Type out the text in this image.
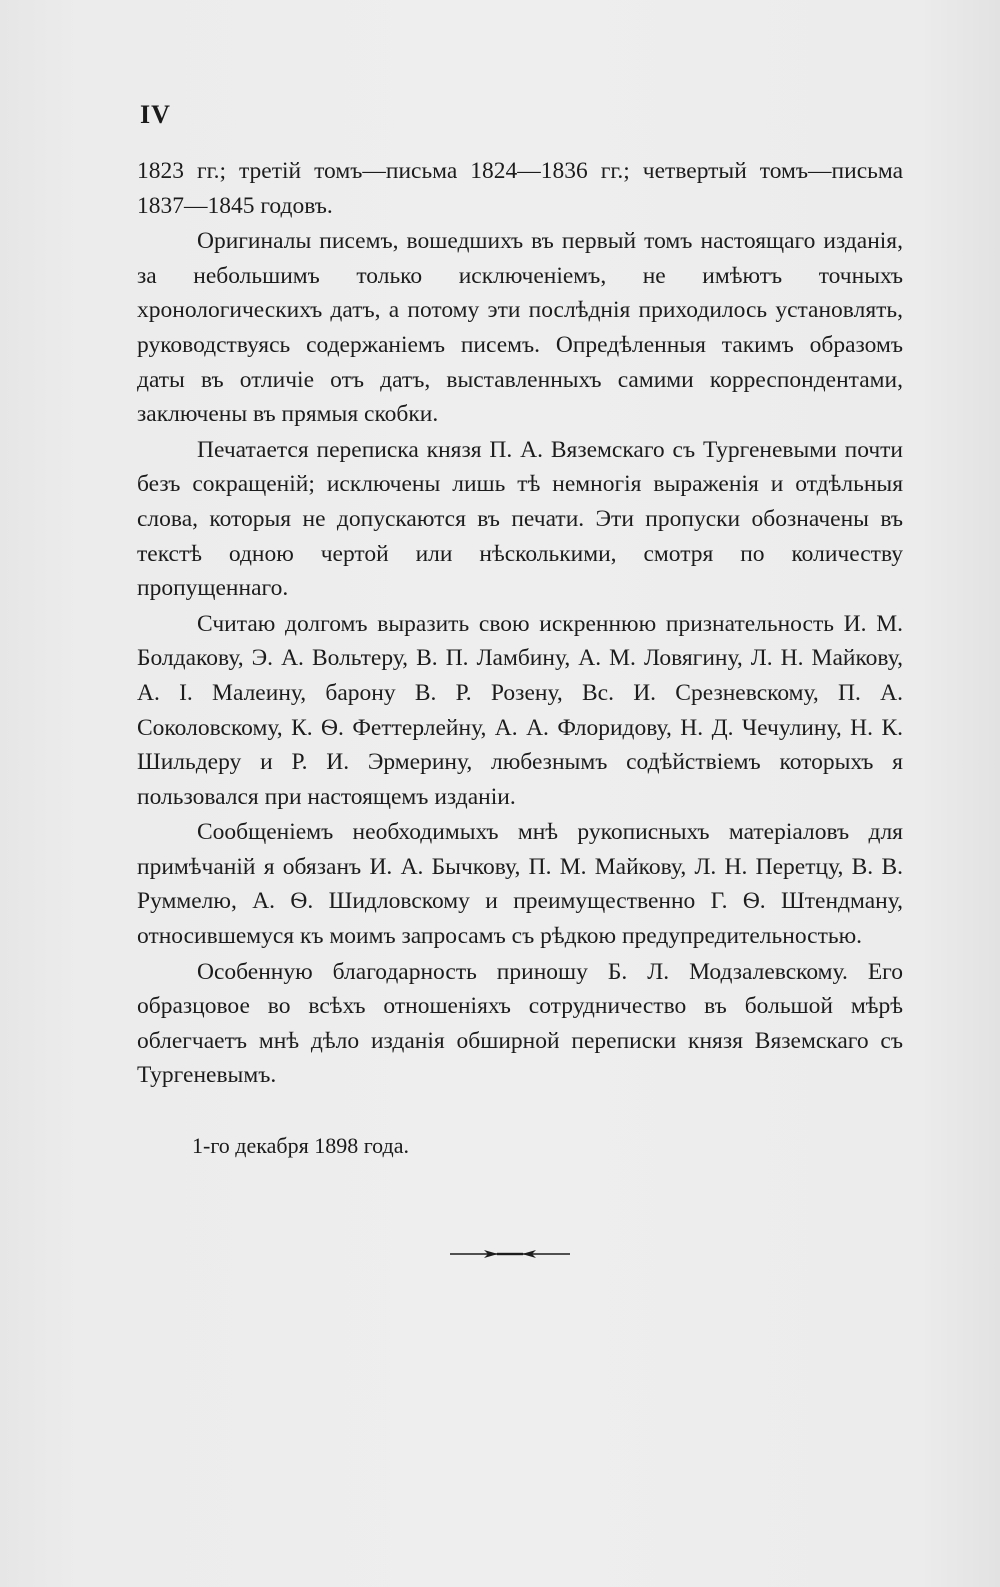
IV

1823 гг.; третій томъ—письма 1824—1836 гг.; четвертый томъ—письма 1837—1845 годовъ.

Оригиналы писемъ, вошедшихъ въ первый томъ настоящаго изданія, за небольшимъ только исключеніемъ, не имѣютъ точныхъ хронологическихъ датъ, а потому эти послѣднія приходилось установлять, руководствуясь содержаніемъ писемъ. Опредѣленныя такимъ образомъ даты въ отличіе отъ датъ, выставленныхъ самими корреспондентами, заключены въ прямыя скобки.

Печатается переписка князя П. А. Вяземскаго съ Тургеневыми почти безъ сокращеній; исключены лишь тѣ немногія выраженія и отдѣльныя слова, которыя не допускаются въ печати. Эти пропуски обозначены въ текстѣ одною чертой или нѣсколькими, смотря по количеству пропущеннаго.

Считаю долгомъ выразить свою искреннюю признательность И. М. Болдакову, Э. А. Вольтеру, В. П. Ламбину, А. М. Ловягину, Л. Н. Майкову, А. І. Малеину, барону В. Р. Розену, Вс. И. Срезневскому, П. А. Соколовскому, К. Ѳ. Феттерлейну, А. А. Флоридову, Н. Д. Чечулину, Н. К. Шильдеру и Р. И. Эрмерину, любезнымъ содѣйствіемъ которыхъ я пользовался при настоящемъ изданіи.

Сообщеніемъ необходимыхъ мнѣ рукописныхъ матеріаловъ для примѣчаній я обязанъ И. А. Бычкову, П. М. Майкову, Л. Н. Перетцу, В. В. Руммелю, А. Ѳ. Шидловскому и преимущественно Г. Ѳ. Штендману, относившемуся къ моимъ запросамъ съ рѣдкою предупредительностью.

Особенную благодарность приношу Б. Л. Модзалевскому. Его образцовое во всѣхъ отношеніяхъ сотрудничество въ большой мѣрѣ облегчаетъ мнѣ дѣло изданія обширной переписки князя Вяземскаго съ Тургеневымъ.

1-го декабря 1898 года.
